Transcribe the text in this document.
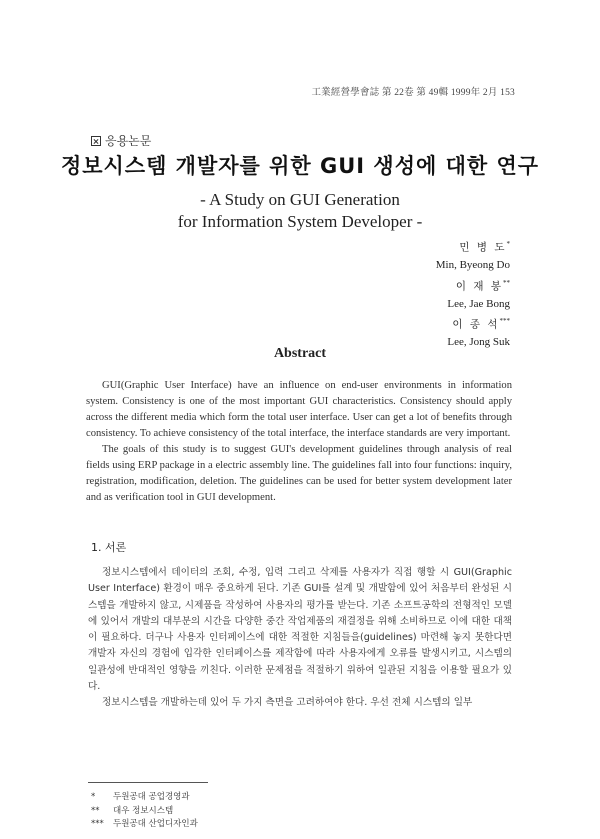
工業經營學會誌 第 22卷 第 49輯 1999年 2月 153
응용논문
정보시스템 개발자를 위한 GUI 생성에 대한 연구
- A Study on GUI Generation
for Information System Developer -
민 병 도*
Min, Byeong Do
이 재 봉**
Lee, Jae Bong
이 종 석***
Lee, Jong Suk
Abstract

GUI(Graphic User Interface) have an influence on end-user environments in information system. Consistency is one of the most important GUI characteristics. Consistency should apply across the different media which form the total user interface. User can get a lot of benefits through consistency. To achieve consistency of the total interface, the interface standards are very important.

The goals of this study is to suggest GUI's development guidelines through analysis of real fields using ERP package in a electric assembly line. The guidelines fall into four functions: inquiry, registration, modification, deletion. The guidelines can be used for better system development later and as verification tool in GUI development.

1. 서론

정보시스템에서 데이터의 조회, 수정, 입력 그리고 삭제를 사용자가 직접 행할 시 GUI(Graphic User Interface) 환경이 매우 중요하게 된다. 기존 GUI를 설계 및 개발함에 있어 처음부터 완성된 시스템을 개발하지 않고, 시제품을 작성하여 사용자의 평가를 받는다. 기존 소프트공학의 전형적인 모델에 있어서 개발의 대부분의 시간을 다양한 중간 작업제품의 재결정을 위해 소비하므로 이에 대한 대책이 필요하다. 더구나 사용자 인터페이스에 대한 적절한 지침들을(guidelines) 마련해 놓지 못한다면 개발자 자신의 경험에 입각한 인터페이스를 제작함에 따라 사용자에게 오류를 발생시키고, 시스템의 일관성에 반대적인 영향을 끼친다. 이러한 문제점을 적절하기 위하여 일관된 지침을 이용할 필요가 있다.

정보시스템을 개발하는데 있어 두 가지 측면을 고려하여야 한다. 우선 전체 시스템의 일부

* 두원공대 공업경영과
** 대우 정보시스템
*** 두원공대 산업디자인과
